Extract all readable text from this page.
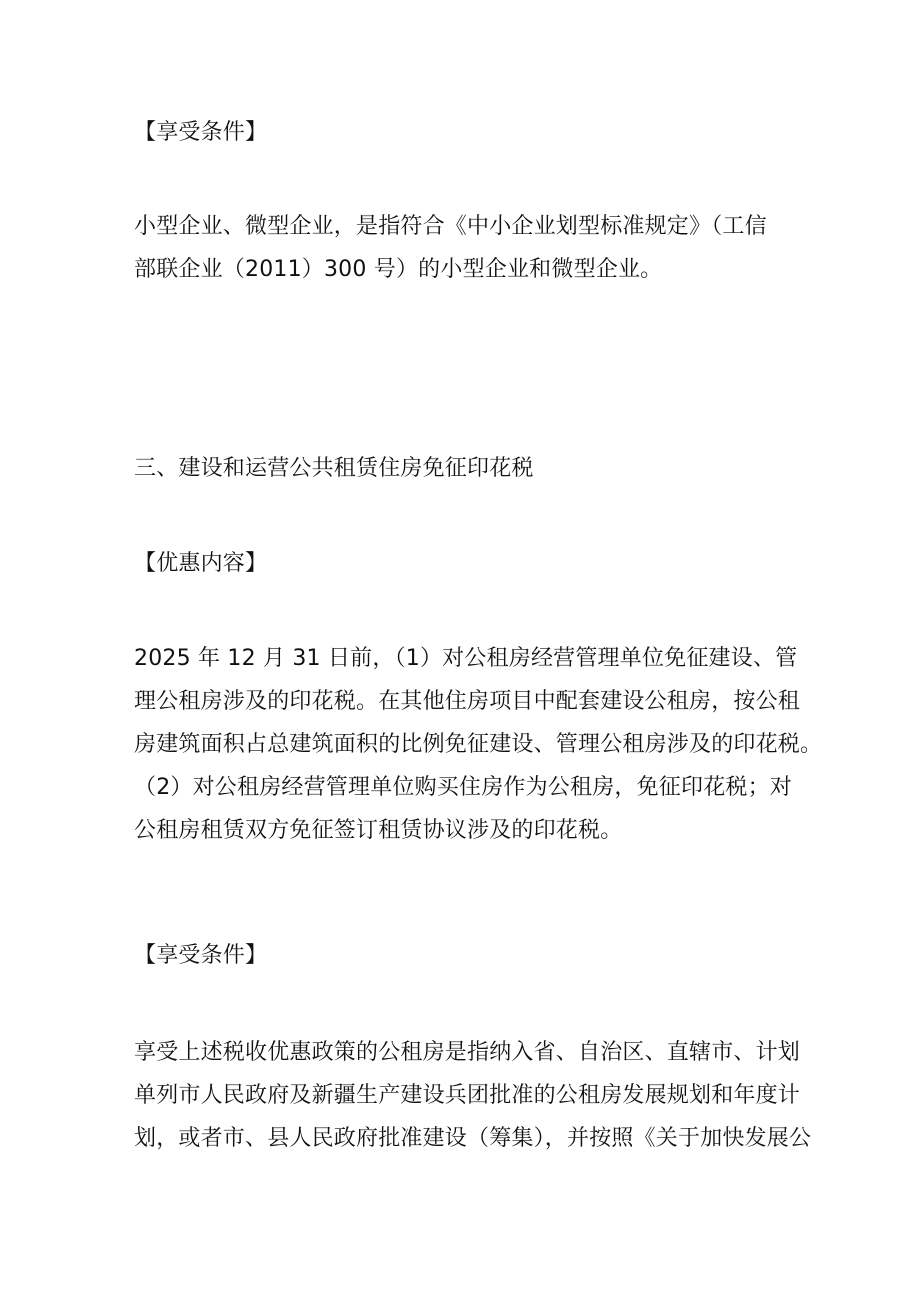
【享受条件】
小型企业、微型企业，是指符合《中小企业划型标准规定》（工信
部联企业（2011）300 号）的小型企业和微型企业。
三、建设和运营公共租赁住房免征印花税
【优惠内容】
2025 年 12 月 31 日前，（1）对公租房经营管理单位免征建设、管
理公租房涉及的印花税。在其他住房项目中配套建设公租房，按公租
房建筑面积占总建筑面积的比例免征建设、管理公租房涉及的印花税。
（2）对公租房经营管理单位购买住房作为公租房，免征印花税；对
公租房租赁双方免征签订租赁协议涉及的印花税。
【享受条件】
享受上述税收优惠政策的公租房是指纳入省、自治区、直辖市、计划
单列市人民政府及新疆生产建设兵团批准的公租房发展规划和年度计
划，或者市、县人民政府批准建设（筹集），并按照《关于加快发展公
